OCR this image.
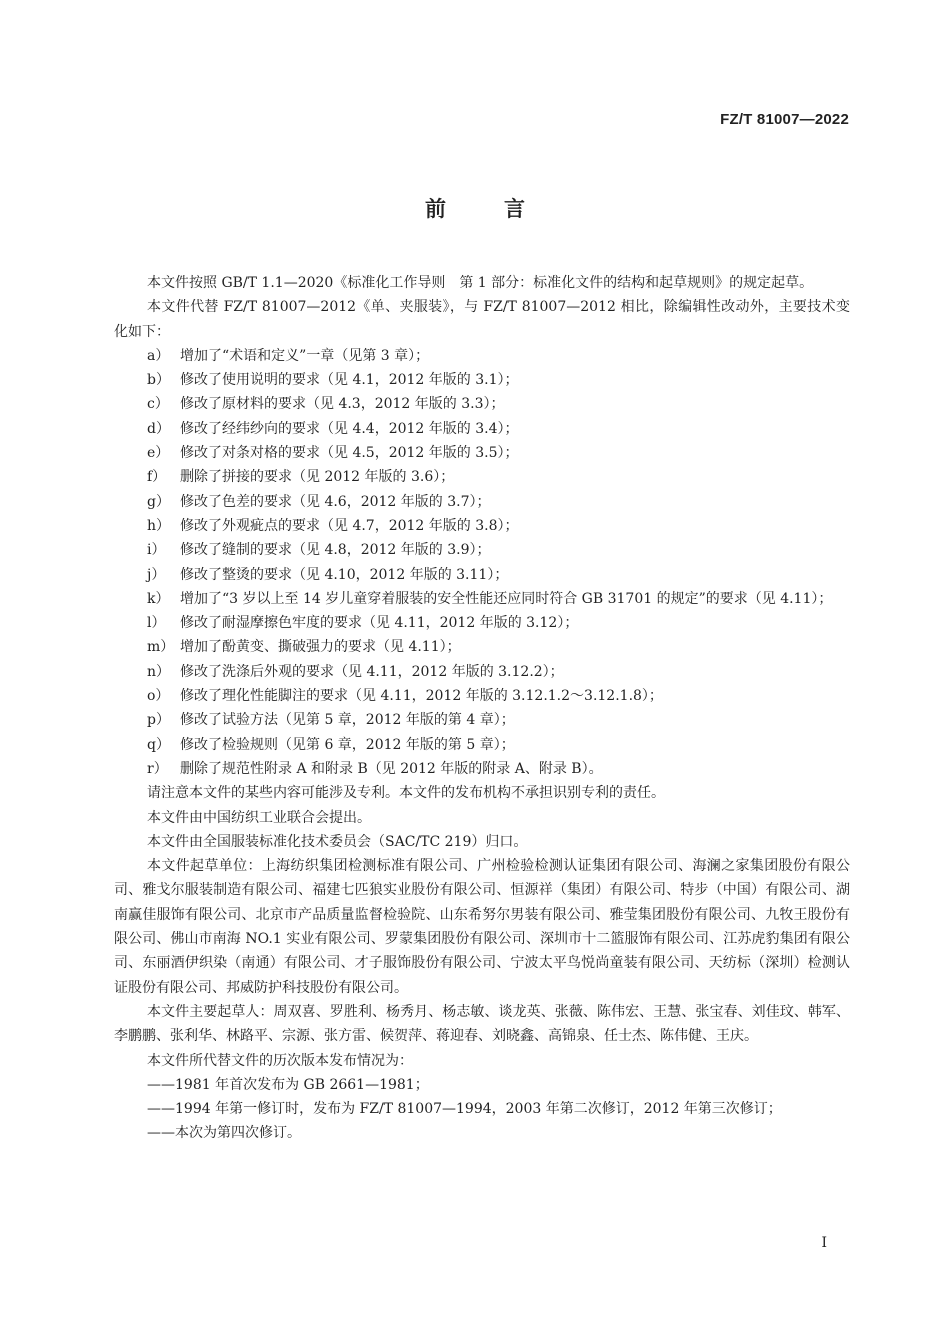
FZ/T 81007—2022
前	言

本文件按照 GB/T 1.1—2020《标准化工作导则　第 1 部分：标准化文件的结构和起草规则》的规定起草。

本文件代替 FZ/T 81007—2012《单、夹服装》，与 FZ/T 81007—2012 相比，除编辑性改动外，主要技术变化如下：

a） 增加了“术语和定义”一章（见第 3 章）；
b） 修改了使用说明的要求（见 4.1，2012 年版的 3.1）；
c） 修改了原材料的要求（见 4.3，2012 年版的 3.3）；
d） 修改了经纬纱向的要求（见 4.4，2012 年版的 3.4）；
e） 修改了对条对格的要求（见 4.5，2012 年版的 3.5）；
f） 删除了拼接的要求（见 2012 年版的 3.6）；
g） 修改了色差的要求（见 4.6，2012 年版的 3.7）；
h） 修改了外观疵点的要求（见 4.7，2012 年版的 3.8）；
i） 修改了缝制的要求（见 4.8，2012 年版的 3.9）；
j） 修改了整烫的要求（见 4.10，2012 年版的 3.11）；
k） 增加了“3 岁以上至 14 岁儿童穿着服装的安全性能还应同时符合 GB 31701 的规定”的要求（见 4.11）；
l） 修改了耐湿摩擦色牢度的要求（见 4.11，2012 年版的 3.12）；
m） 增加了酚黄变、撕破强力的要求（见 4.11）；
n） 修改了洗涤后外观的要求（见 4.11，2012 年版的 3.12.2）；
o） 修改了理化性能脚注的要求（见 4.11，2012 年版的 3.12.1.2～3.12.1.8）；
p） 修改了试验方法（见第 5 章，2012 年版的第 4 章）；
q） 修改了检验规则（见第 6 章，2012 年版的第 5 章）；
r） 删除了规范性附录 A 和附录 B（见 2012 年版的附录 A、附录 B）。

请注意本文件的某些内容可能涉及专利。本文件的发布机构不承担识别专利的责任。

本文件由中国纺织工业联合会提出。

本文件由全国服装标准化技术委员会（SAC/TC 219）归口。

本文件起草单位：上海纺织集团检测标准有限公司、广州检验检测认证集团有限公司、海澜之家集团股份有限公司、雅戈尔服装制造有限公司、福建七匹狼实业股份有限公司、恒源祥（集团）有限公司、特步（中国）有限公司、湖南赢佳服饰有限公司、北京市产品质量监督检验院、山东希努尔男装有限公司、雅莹集团股份有限公司、九牧王股份有限公司、佛山市南海 NO.1 实业有限公司、罗蒙集团股份有限公司、深圳市十二篮服饰有限公司、江苏虎豹集团有限公司、东丽酒伊织染（南通）有限公司、才子服饰股份有限公司、宁波太平鸟悦尚童装有限公司、天纺标（深圳）检测认证股份有限公司、邦威防护科技股份有限公司。

本文件主要起草人：周双喜、罗胜利、杨秀月、杨志敏、谈龙英、张薇、陈伟宏、王慧、张宝春、刘佳玟、韩军、李鹏鹏、张利华、林路平、宗源、张方雷、候贺萍、蒋迎春、刘晓鑫、高锦泉、任士杰、陈伟健、王庆。

本文件所代替文件的历次版本发布情况为：

——1981 年首次发布为 GB 2661—1981；

——1994 年第一修订时，发布为 FZ/T 81007—1994，2003 年第二次修订，2012 年第三次修订；

——本次为第四次修订。

I
